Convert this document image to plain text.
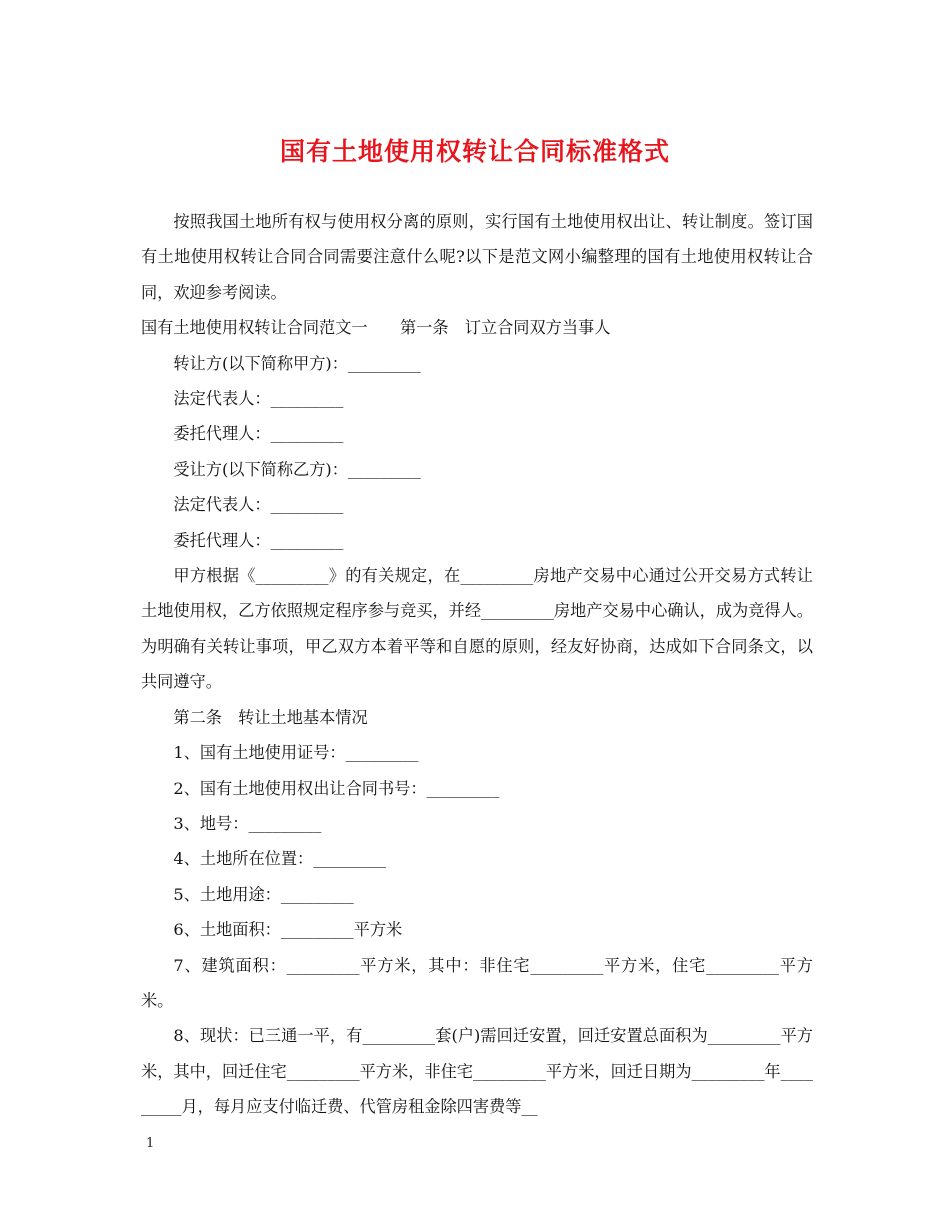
国有土地使用权转让合同标准格式

按照我国土地所有权与使用权分离的原则，实行国有土地使用权出让、转让制度。签订国有土地使用权转让合同合同需要注意什么呢?以下是范文网小编整理的国有土地使用权转让合同，欢迎参考阅读。

国有土地使用权转让合同范文一　　第一条　订立合同双方当事人

转让方(以下简称甲方)：_________

法定代表人：_________

委托代理人：_________

受让方(以下简称乙方)：_________

法定代表人：_________

委托代理人：_________

甲方根据《_________》的有关规定，在_________房地产交易中心通过公开交易方式转让土地使用权，乙方依照规定程序参与竞买，并经_________房地产交易中心确认，成为竞得人。为明确有关转让事项，甲乙双方本着平等和自愿的原则，经友好协商，达成如下合同条文，以共同遵守。

第二条　转让土地基本情况

1、国有土地使用证号：_________

2、国有土地使用权出让合同书号：_________

3、地号：_________

4、土地所在位置：_________

5、土地用途：_________

6、土地面积：_________平方米

7、建筑面积：_________平方米，其中：非住宅_________平方米，住宅_________平方米。

8、现状：已三通一平，有_________套(户)需回迁安置，回迁安置总面积为_________平方米，其中，回迁住宅_________平方米，非住宅_________平方米，回迁日期为_________年_________月，每月应支付临迁费、代管房租金除四害费等__

1
